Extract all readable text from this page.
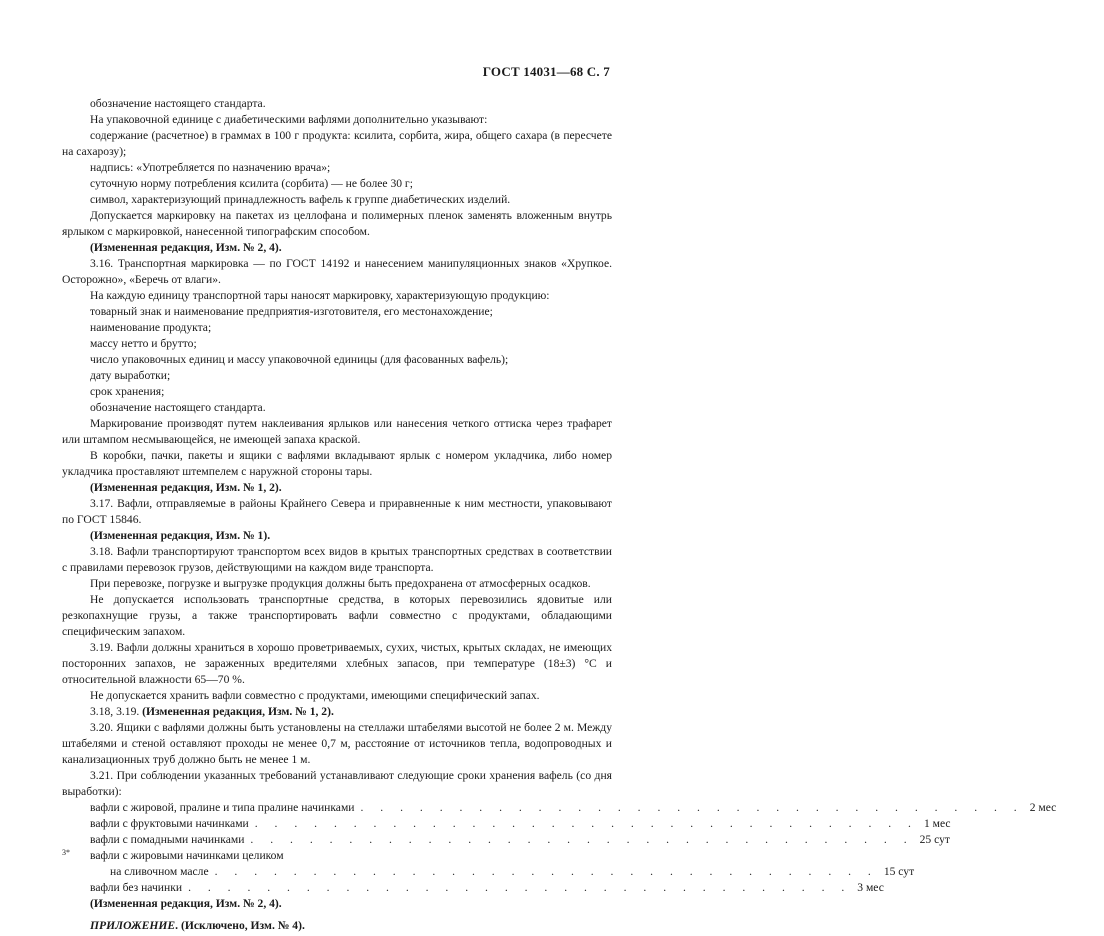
ГОСТ 14031—68 С. 7

обозначение настоящего стандарта.

На упаковочной единице с диабетическими вафлями дополнительно указывают:

содержание (расчетное) в граммах в 100 г продукта: ксилита, сорбита, жира, общего сахара (в пересчете на сахарозу);

надпись: «Употребляется по назначению врача»;

суточную норму потребления ксилита (сорбита) — не более 30 г;

символ, характеризующий принадлежность вафель к группе диабетических изделий.

Допускается маркировку на пакетах из целлофана и полимерных пленок заменять вложенным внутрь ярлыком с маркировкой, нанесенной типографским способом.

(Измененная редакция, Изм. № 2, 4).

3.16. Транспортная маркировка — по ГОСТ 14192 и нанесением манипуляционных знаков «Хрупкое. Осторожно», «Беречь от влаги».

На каждую единицу транспортной тары наносят маркировку, характеризующую продукцию:

товарный знак и наименование предприятия-изготовителя, его местонахождение;

наименование продукта;

массу нетто и брутто;

число упаковочных единиц и массу упаковочной единицы (для фасованных вафель);

дату выработки;

срок хранения;

обозначение настоящего стандарта.

Маркирование производят путем наклеивания ярлыков или нанесения четкого оттиска через трафарет или штампом несмывающейся, не имеющей запаха краской.

В коробки, пачки, пакеты и ящики с вафлями вкладывают ярлык с номером укладчика, либо номер укладчика проставляют штемпелем с наружной стороны тары.

(Измененная редакция, Изм. № 1, 2).

3.17. Вафли, отправляемые в районы Крайнего Севера и приравненные к ним местности, упаковывают по ГОСТ 15846.

(Измененная редакция, Изм. № 1).

3.18. Вафли транспортируют транспортом всех видов в крытых транспортных средствах в соответствии с правилами перевозок грузов, действующими на каждом виде транспорта.

При перевозке, погрузке и выгрузке продукция должны быть предохранена от атмосферных осадков.

Не допускается использовать транспортные средства, в которых перевозились ядовитые или резкопахнущие грузы, а также транспортировать вафли совместно с продуктами, обладающими специфическим запахом.

3.19. Вафли должны храниться в хорошо проветриваемых, сухих, чистых, крытых складах, не имеющих посторонних запахов, не зараженных вредителями хлебных запасов, при температуре (18±3) °С и относительной влажности 65—70 %.

Не допускается хранить вафли совместно с продуктами, имеющими специфический запах.

3.18, 3.19. (Измененная редакция, Изм. № 1, 2).

3.20. Ящики с вафлями должны быть установлены на стеллажи штабелями высотой не более 2 м. Между штабелями и стеной оставляют проходы не менее 0,7 м, расстояние от источников тепла, водопроводных и канализационных труб должно быть не менее 1 м.

3.21. При соблюдении указанных требований устанавливают следующие сроки хранения вафель (со дня выработки):

вафли с жировой, пралине и типа пралине начинками . . . . . . . . . . . . . . . . . . . . . . . . . . . . . . . . . . 2 мес
вафли с фруктовыми начинками . . . . . . . . . . . . . . . . . . . . . . . . . . . . . . . . . . 1 мес
вафли с помадными начинками . . . . . . . . . . . . . . . . . . . . . . . . . . . . . . . . . . 25 сут
вафли с жировыми начинками целиком
на сливочном масле . . . . . . . . . . . . . . . . . . . . . . . . . . . . . . . . . . 15 сут
вафли без начинки . . . . . . . . . . . . . . . . . . . . . . . . . . . . . . . . . . 3 мес

(Измененная редакция, Изм. № 2, 4).

ПРИЛОЖЕНИЕ. (Исключено, Изм. № 4).

3*
